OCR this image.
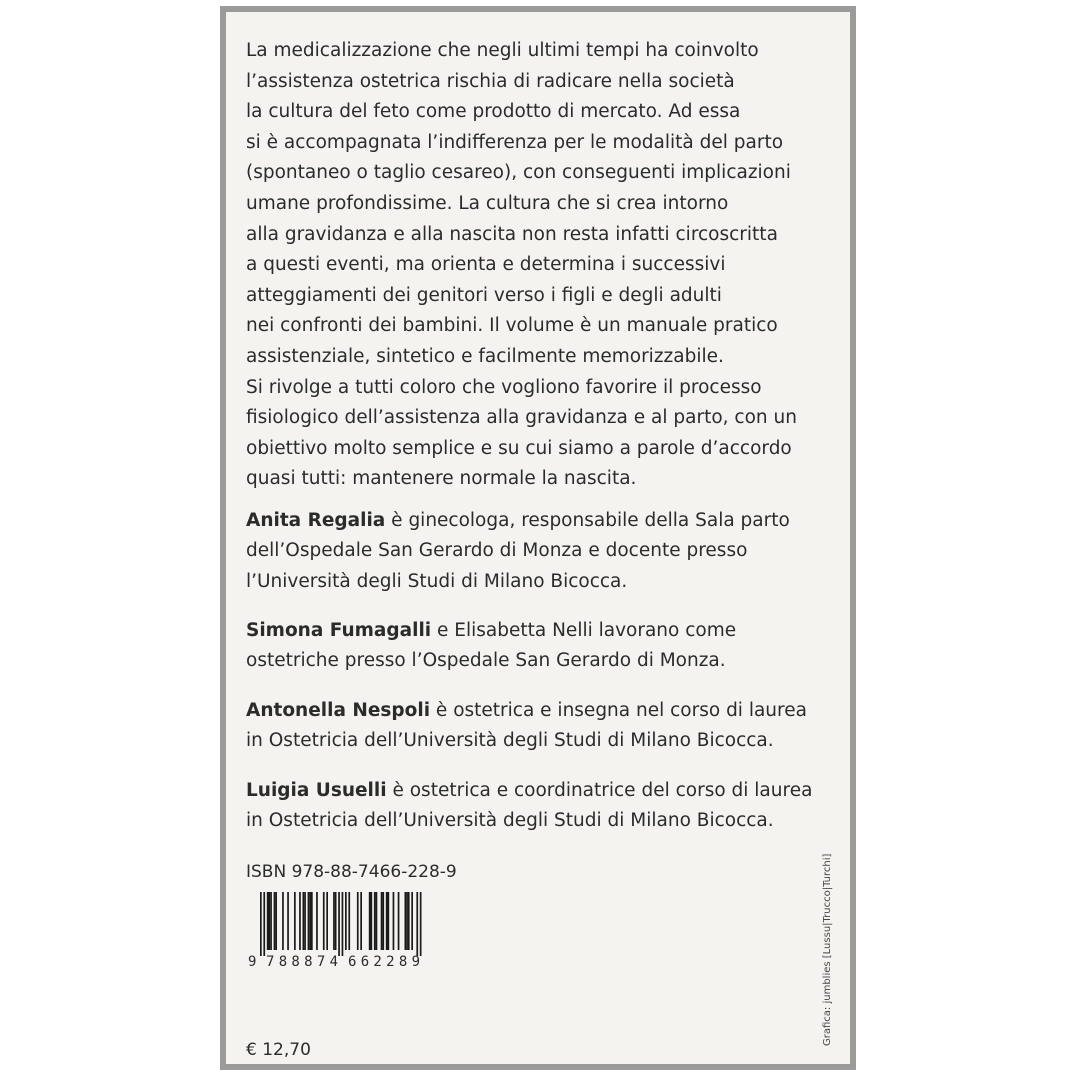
La medicalizzazione che negli ultimi tempi ha coinvolto
l’assistenza ostetrica rischia di radicare nella società
la cultura del feto come prodotto di mercato. Ad essa
si è accompagnata l’indifferenza per le modalità del parto
(spontaneo o taglio cesareo), con conseguenti implicazioni
umane profondissime. La cultura che si crea intorno
alla gravidanza e alla nascita non resta infatti circoscritta
a questi eventi, ma orienta e determina i successivi
atteggiamenti dei genitori verso i figli e degli adulti
nei confronti dei bambini. Il volume è un manuale pratico
assistenziale, sintetico e facilmente memorizzabile.
Si rivolge a tutti coloro che vogliono favorire il processo
fisiologico dell’assistenza alla gravidanza e al parto, con un
obiettivo molto semplice e su cui siamo a parole d’accordo
quasi tutti: mantenere normale la nascita.
Anita Regalia è ginecologa, responsabile della Sala parto
dell’Ospedale San Gerardo di Monza e docente presso
l’Università degli Studi di Milano Bicocca.
Simona Fumagalli e Elisabetta Nelli lavorano come
ostetriche presso l’Ospedale San Gerardo di Monza.
Antonella Nespoli è ostetrica e insegna nel corso di laurea
in Ostetricia dell’Università degli Studi di Milano Bicocca.
Luigia Usuelli è ostetrica e coordinatrice del corso di laurea
in Ostetricia dell’Università degli Studi di Milano Bicocca.
ISBN 978-88-7466-228-9
9 788874 662289
€ 12,70
Grafica: jumblies [Lussu|Trucco|Turchi]
